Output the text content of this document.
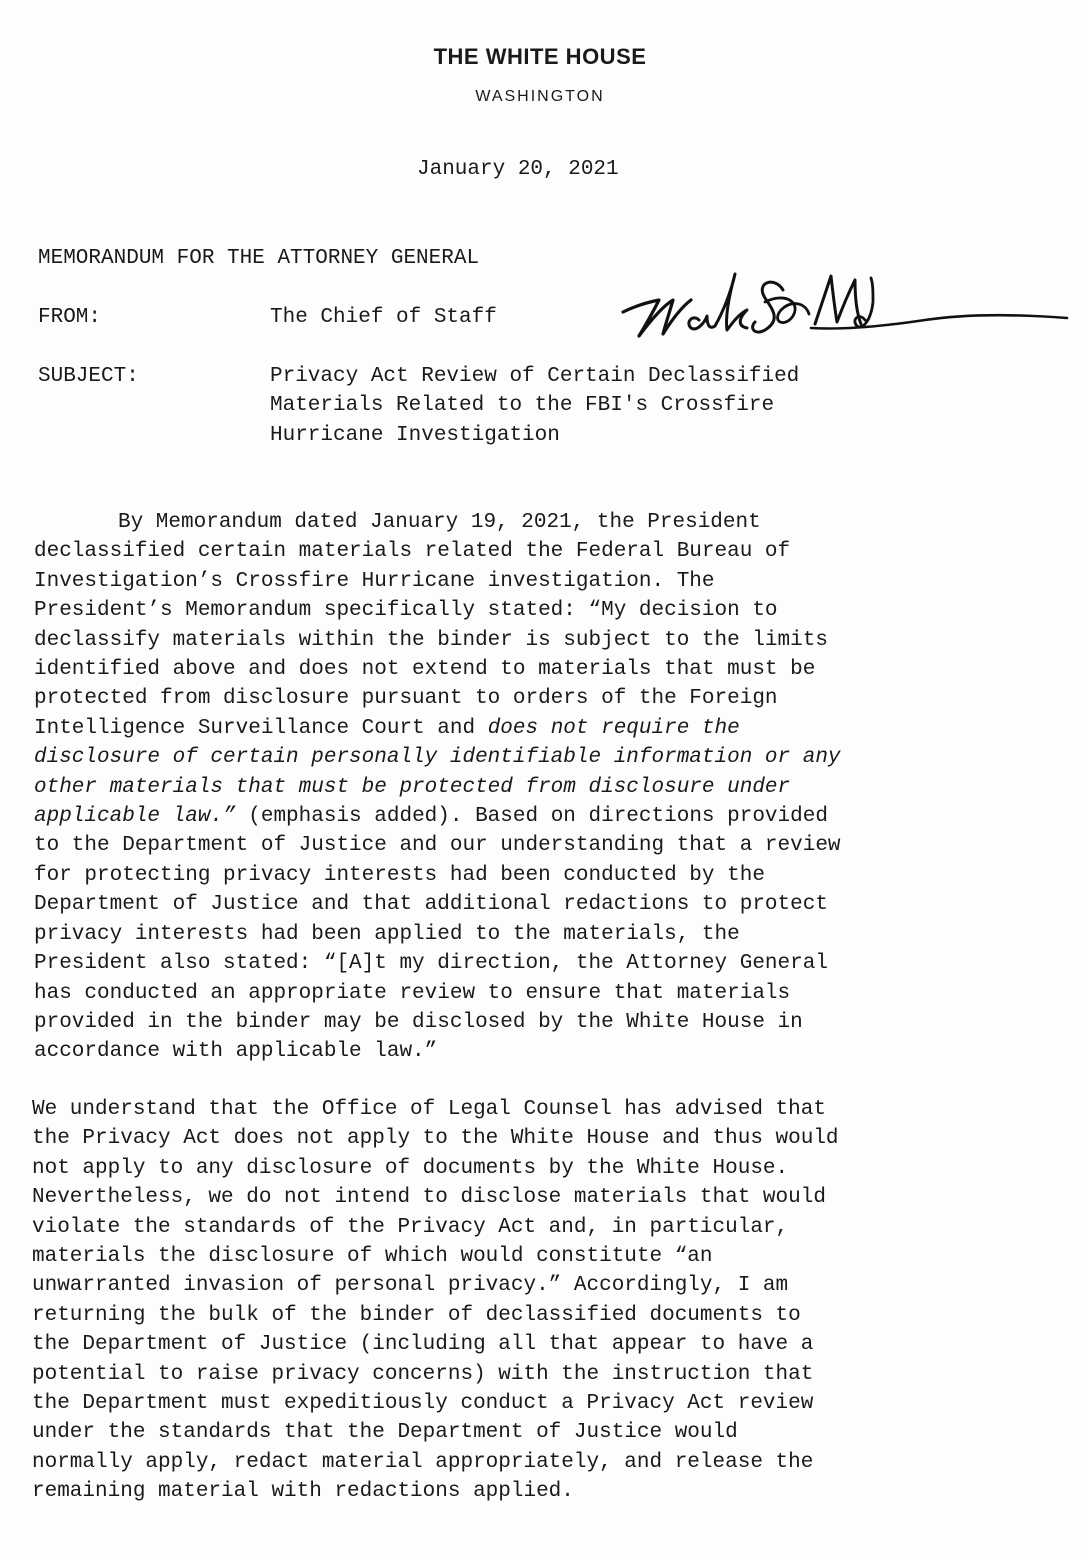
THE WHITE HOUSE
WASHINGTON
January 20, 2021
MEMORANDUM FOR THE ATTORNEY GENERAL
FROM:	The Chief of Staff
SUBJECT:	Privacy Act Review of Certain Declassified
Materials Related to the FBI's Crossfire
Hurricane Investigation
By Memorandum dated January 19, 2021, the President
declassified certain materials related the Federal Bureau of
Investigation’s Crossfire Hurricane investigation. The
President’s Memorandum specifically stated: “My decision to
declassify materials within the binder is subject to the limits
identified above and does not extend to materials that must be
protected from disclosure pursuant to orders of the Foreign
Intelligence Surveillance Court and does not require the
disclosure of certain personally identifiable information or any
other materials that must be protected from disclosure under
applicable law.” (emphasis added). Based on directions provided
to the Department of Justice and our understanding that a review
for protecting privacy interests had been conducted by the
Department of Justice and that additional redactions to protect
privacy interests had been applied to the materials, the
President also stated: “[A]t my direction, the Attorney General
has conducted an appropriate review to ensure that materials
provided in the binder may be disclosed by the White House in
accordance with applicable law.”
We understand that the Office of Legal Counsel has advised that
the Privacy Act does not apply to the White House and thus would
not apply to any disclosure of documents by the White House.
Nevertheless, we do not intend to disclose materials that would
violate the standards of the Privacy Act and, in particular,
materials the disclosure of which would constitute “an
unwarranted invasion of personal privacy.” Accordingly, I am
returning the bulk of the binder of declassified documents to
the Department of Justice (including all that appear to have a
potential to raise privacy concerns) with the instruction that
the Department must expeditiously conduct a Privacy Act review
under the standards that the Department of Justice would
normally apply, redact material appropriately, and release the
remaining material with redactions applied.
